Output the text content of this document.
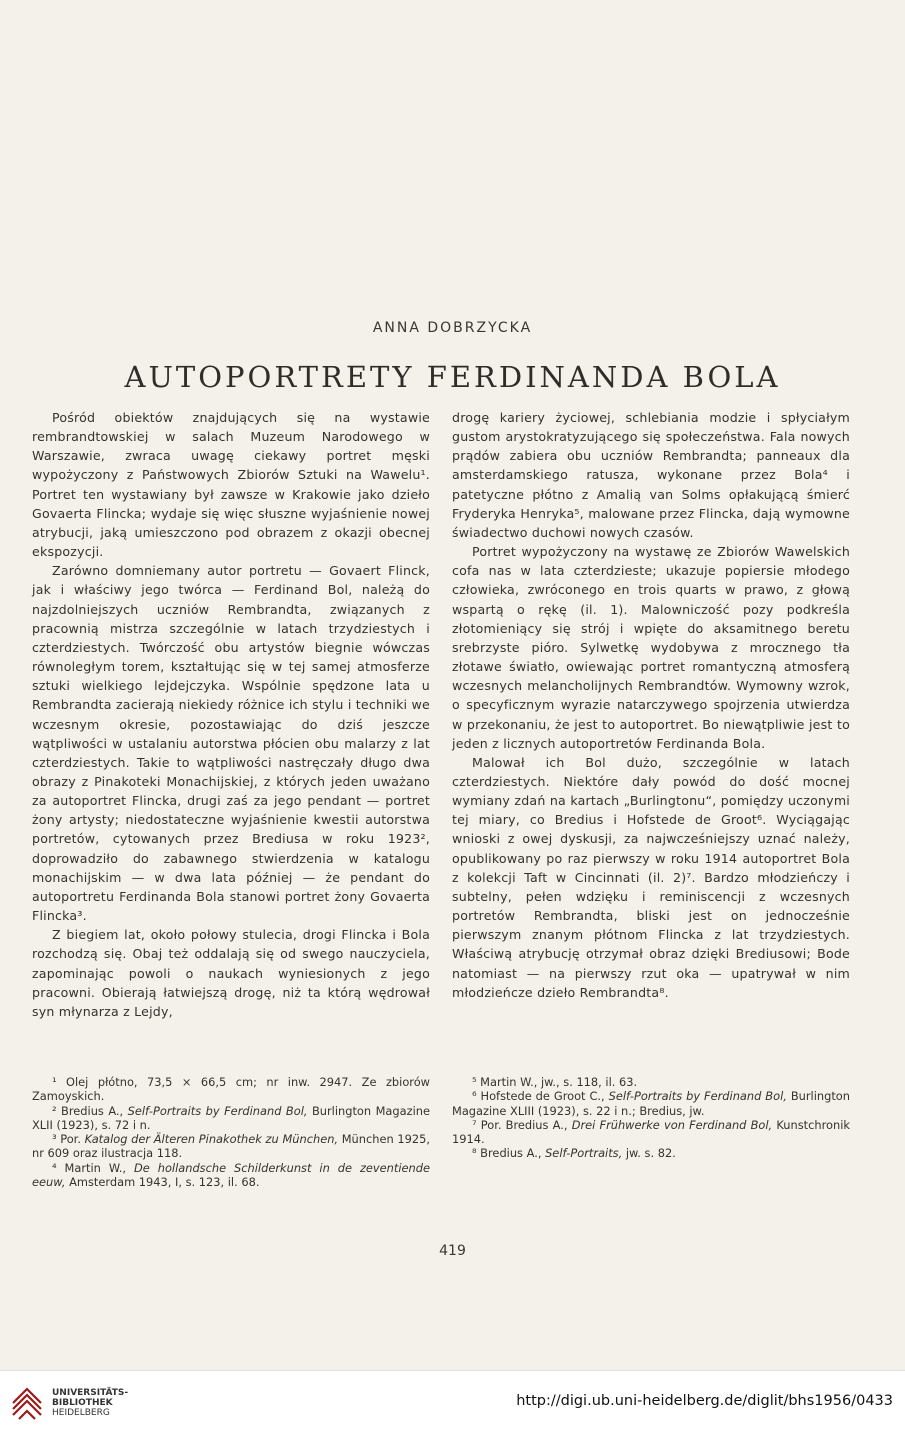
ANNA DOBRZYCKA
AUTOPORTRETY FERDINANDA BOLA

Pośród obiektów znajdujących się na wystawie rembrandtowskiej w salach Muzeum Narodowego w Warszawie, zwraca uwagę ciekawy portret męski wypożyczony z Państwowych Zbiorów Sztuki na Wawelu¹. Portret ten wystawiany był zawsze w Krakowie jako dzieło Govaerta Flincka; wydaje się więc słuszne wyjaśnienie nowej atrybucji, jaką umieszczono pod obrazem z okazji obecnej ekspozycji.

Zarówno domniemany autor portretu — Govaert Flinck, jak i właściwy jego twórca — Ferdinand Bol, należą do najzdolniejszych uczniów Rembrandta, związanych z pracownią mistrza szczególnie w latach trzydziestych i czterdziestych. Twórczość obu artystów biegnie wówczas równoległym torem, kształtując się w tej samej atmosferze sztuki wielkiego lejdejczyka. Wspólnie spędzone lata u Rembrandta zacierają niekiedy różnice ich stylu i techniki we wczesnym okresie, pozostawiając do dziś jeszcze wątpliwości w ustalaniu autorstwa płócien obu malarzy z lat czterdziestych. Takie to wątpliwości nastręczały długo dwa obrazy z Pinakoteki Monachijskiej, z których jeden uważano za autoportret Flincka, drugi zaś za jego pendant — portret żony artysty; niedostateczne wyjaśnienie kwestii autorstwa portretów, cytowanych przez Brediusa w roku 1923², doprowadziło do zabawnego stwierdzenia w katalogu monachijskim — w dwa lata później — że pendant do autoportretu Ferdinanda Bola stanowi portret żony Govaerta Flincka³.

Z biegiem lat, około połowy stulecia, drogi Flincka i Bola rozchodzą się. Obaj też oddalają się od swego nauczyciela, zapominając powoli o naukach wyniesionych z jego pracowni. Obierają łatwiejszą drogę, niż ta którą wędrował syn młynarza z Lejdy,

drogę kariery życiowej, schlebiania modzie i spłyciałym gustom arystokratyzującego się społeczeństwa. Fala nowych prądów zabiera obu uczniów Rembrandta; panneaux dla amsterdamskiego ratusza, wykonane przez Bola⁴ i patetyczne płótno z Amalią van Solms opłakującą śmierć Fryderyka Henryka⁵, malowane przez Flincka, dają wymowne świadectwo duchowi nowych czasów.

Portret wypożyczony na wystawę ze Zbiorów Wawelskich cofa nas w lata czterdzieste; ukazuje popiersie młodego człowieka, zwróconego en trois quarts w prawo, z głową wspartą o rękę (il. 1). Malowniczość pozy podkreśla złotomieniący się strój i wpięte do aksamitnego beretu srebrzyste pióro. Sylwetkę wydobywa z mrocznego tła złotawe światło, owiewając portret romantyczną atmosferą wczesnych melancholijnych Rembrandtów. Wymowny wzrok, o specyficznym wyrazie natarczywego spojrzenia utwierdza w przekonaniu, że jest to autoportret. Bo niewątpliwie jest to jeden z licznych autoportretów Ferdinanda Bola.

Malował ich Bol dużo, szczególnie w latach czterdziestych. Niektóre dały powód do dość mocnej wymiany zdań na kartach „Burlingtonu“, pomiędzy uczonymi tej miary, co Bredius i Hofstede de Groot⁶. Wyciągając wnioski z owej dyskusji, za najwcześniejszy uznać należy, opublikowany po raz pierwszy w roku 1914 autoportret Bola z kolekcji Taft w Cincinnati (il. 2)⁷. Bardzo młodzieńczy i subtelny, pełen wdzięku i reminiscencji z wczesnych portretów Rembrandta, bliski jest on jednocześnie pierwszym znanym płótnom Flincka z lat trzydziestych. Właściwą atrybucję otrzymał obraz dzięki Brediusowi; Bode natomiast — na pierwszy rzut oka — upatrywał w nim młodzieńcze dzieło Rembrandta⁸.

¹ Olej płótno, 73,5 × 66,5 cm; nr inw. 2947. Ze zbiorów Zamoyskich.

² Bredius A., Self-Portraits by Ferdinand Bol, Burlington Magazine XLII (1923), s. 72 i n.

³ Por. Katalog der Älteren Pinakothek zu München, München 1925, nr 609 oraz ilustracja 118.

⁴ Martin W., De hollandsche Schilderkunst in de zeventiende eeuw, Amsterdam 1943, I, s. 123, il. 68.

⁵ Martin W., jw., s. 118, il. 63.

⁶ Hofstede de Groot C., Self-Portraits by Ferdinand Bol, Burlington Magazine XLIII (1923), s. 22 i n.; Bredius, jw.

⁷ Por. Bredius A., Drei Frühwerke von Ferdinand Bol, Kunstchronik 1914.

⁸ Bredius A., Self-Portraits, jw. s. 82.

419
UNIVERSITÄTS-
BIBLIOTHEK
HEIDELBERG
http://digi.ub.uni-heidelberg.de/diglit/bhs1956/0433
